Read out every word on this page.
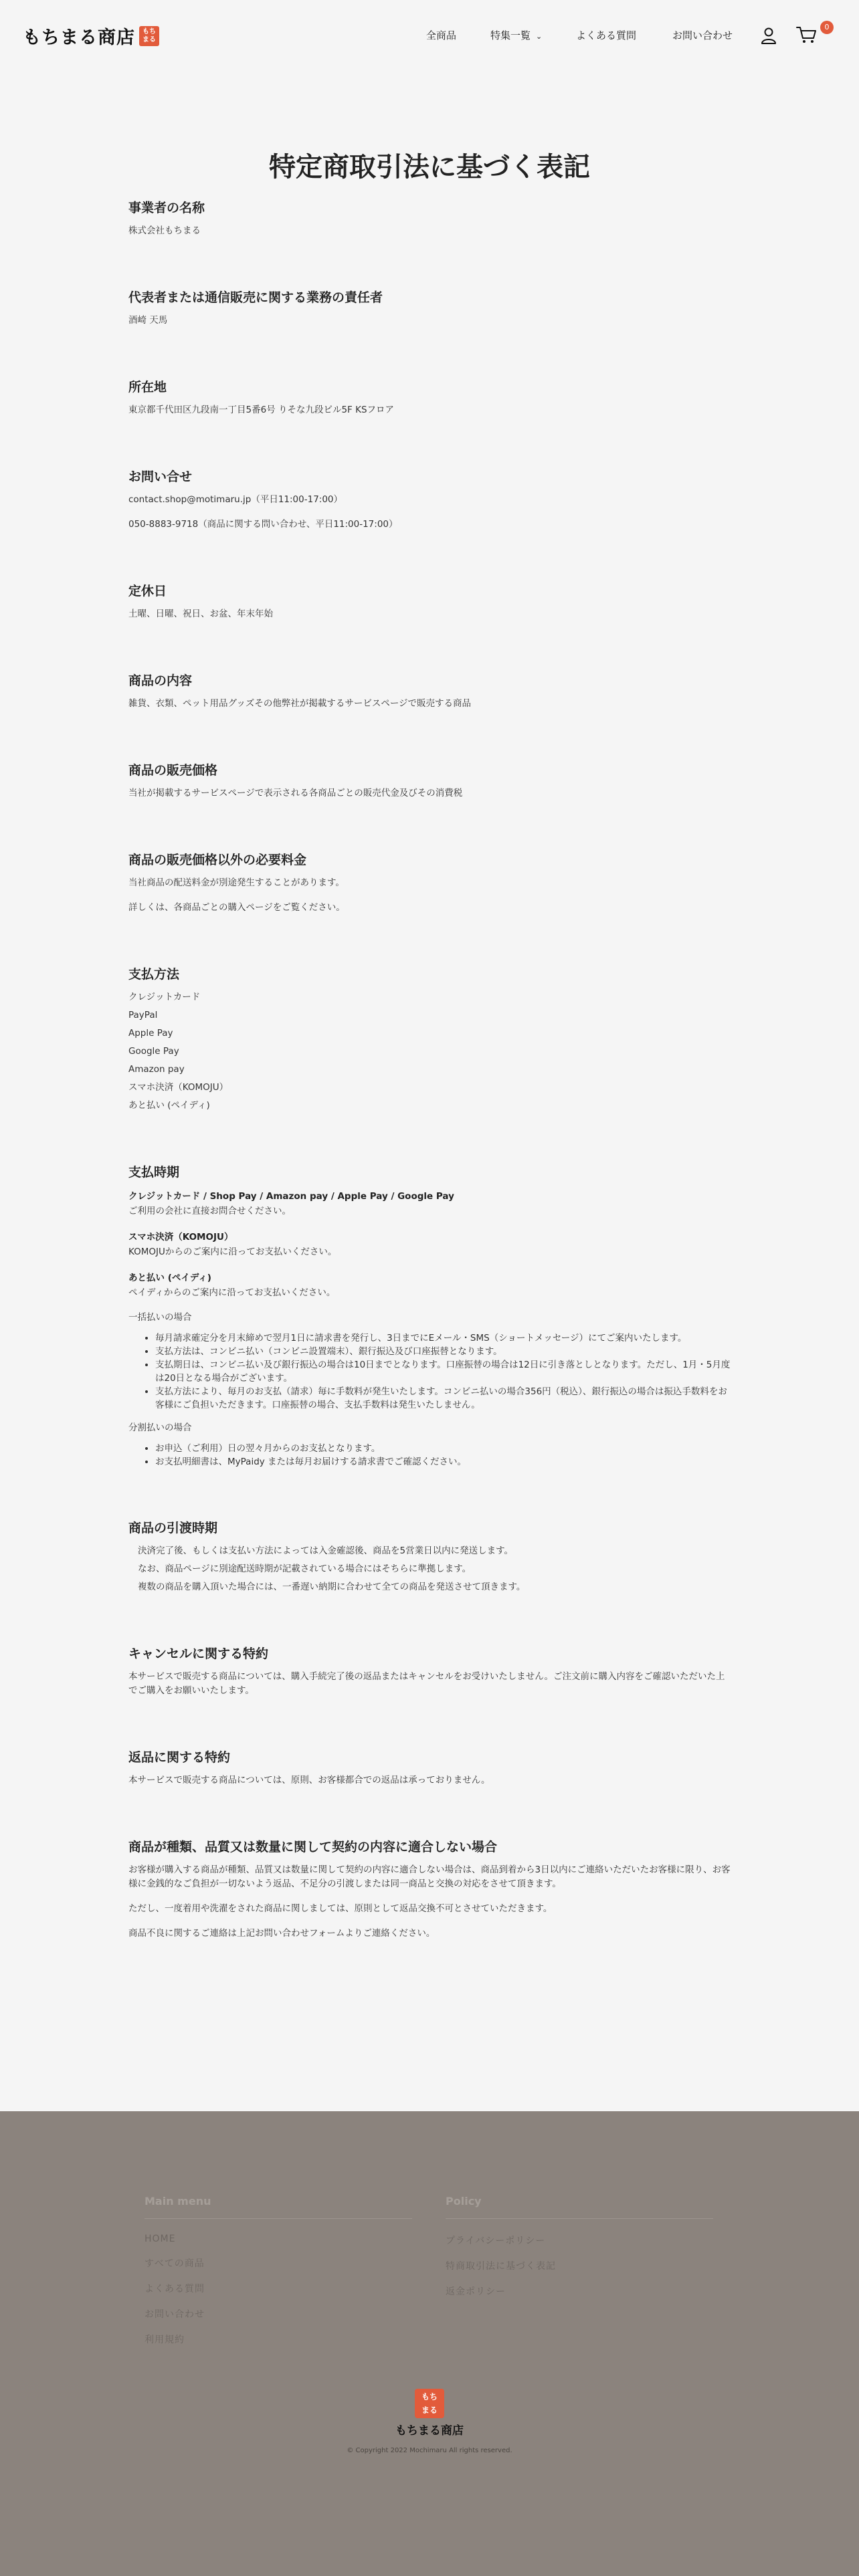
もちまる商店 もち
まる	全商品	特集一覧 ⌄	よくある質問	お問い合わせ
0
特定商取引法に基づく表記
事業者の名称

株式会社もちまる

代表者または通信販売に関する業務の責任者

酒崎 天馬

所在地

東京都千代田区九段南一丁目5番6号 りそな九段ビル5F KSフロア

お問い合せ

contact.shop@motimaru.jp（平日11:00-17:00）

050-8883-9718（商品に関する問い合わせ、平日11:00-17:00）

定休日

土曜、日曜、祝日、お盆、年末年始

商品の内容

雑貨、衣類、ペット用品グッズその他弊社が掲載するサービスページで販売する商品

商品の販売価格

当社が掲載するサービスページで表示される各商品ごとの販売代金及びその消費税

商品の販売価格以外の必要料金

当社商品の配送料金が別途発生することがあります。

詳しくは、各商品ごとの購入ページをご覧ください。

支払方法

クレジットカード

PayPal

Apple Pay

Google Pay

Amazon pay

スマホ決済（KOMOJU）

あと払い (ペイディ)

支払時期
クレジットカード / Shop Pay / Amazon pay / Apple Pay / Google Pay

ご利用の会社に直接お問合せください。

スマホ決済（KOMOJU）

KOMOJUからのご案内に沿ってお支払いください。

あと払い (ペイディ)

ペイディからのご案内に沿ってお支払いください。

一括払いの場合

• 毎月請求確定分を月末締めで翌月1日に請求書を発行し、3日までにEメール・SMS（ショートメッセージ）にてご案内いたします。
• 支払方法は、コンビニ払い（コンビニ設置端末）、銀行振込及び口座振替となります。
• 支払期日は、コンビニ払い及び銀行振込の場合は10日までとなります。口座振替の場合は12日に引き落としとなります。ただし、1月・5月度は20日となる場合がございます。
• 支払方法により、毎月のお支払（請求）毎に手数料が発生いたします。コンビニ払いの場合356円（税込）、銀行振込の場合は振込手数料をお客様にご負担いただきます。口座振替の場合、支払手数料は発生いたしません。

分割払いの場合

• お申込（ご利用）日の翌々月からのお支払となります。
• お支払明細書は、MyPaidy または毎月お届けする請求書でご確認ください。
商品の引渡時期

決済完了後、もしくは支払い方法によっては入金確認後、商品を5営業日以内に発送します。

なお、商品ページに別途配送時期が記載されている場合にはそちらに準拠します。

複数の商品を購入頂いた場合には、一番遅い納期に合わせて全ての商品を発送させて頂きます。

キャンセルに関する特約

本サービスで販売する商品については、購入手続完了後の返品またはキャンセルをお受けいたしません。ご注文前に購入内容をご確認いただいた上でご購入をお願いいたします。

返品に関する特約

本サービスで販売する商品については、原則、お客様都合での返品は承っておりません。

商品が種類、品質又は数量に関して契約の内容に適合しない場合

お客様が購入する商品が種類、品質又は数量に関して契約の内容に適合しない場合は、商品到着から3日以内にご連絡いただいたお客様に限り、お客様に金銭的なご負担が一切ないよう返品、不足分の引渡しまたは同一商品と交換の対応をさせて頂きます。

ただし、一度着用や洗濯をされた商品に関しましては、原則として返品交換不可とさせていただきます。

商品不良に関するご連絡は上記お問い合わせフォームよりご連絡ください。

Main menu
HOME
すべての商品
よくある質問
お問い合わせ
利用規約
Policy
プライバシーポリシー
特商取引法に基づく表記
返金ポリシー
もち
まる
もちまる商店
© Copyright 2022 Mochimaru All rights reserved.
